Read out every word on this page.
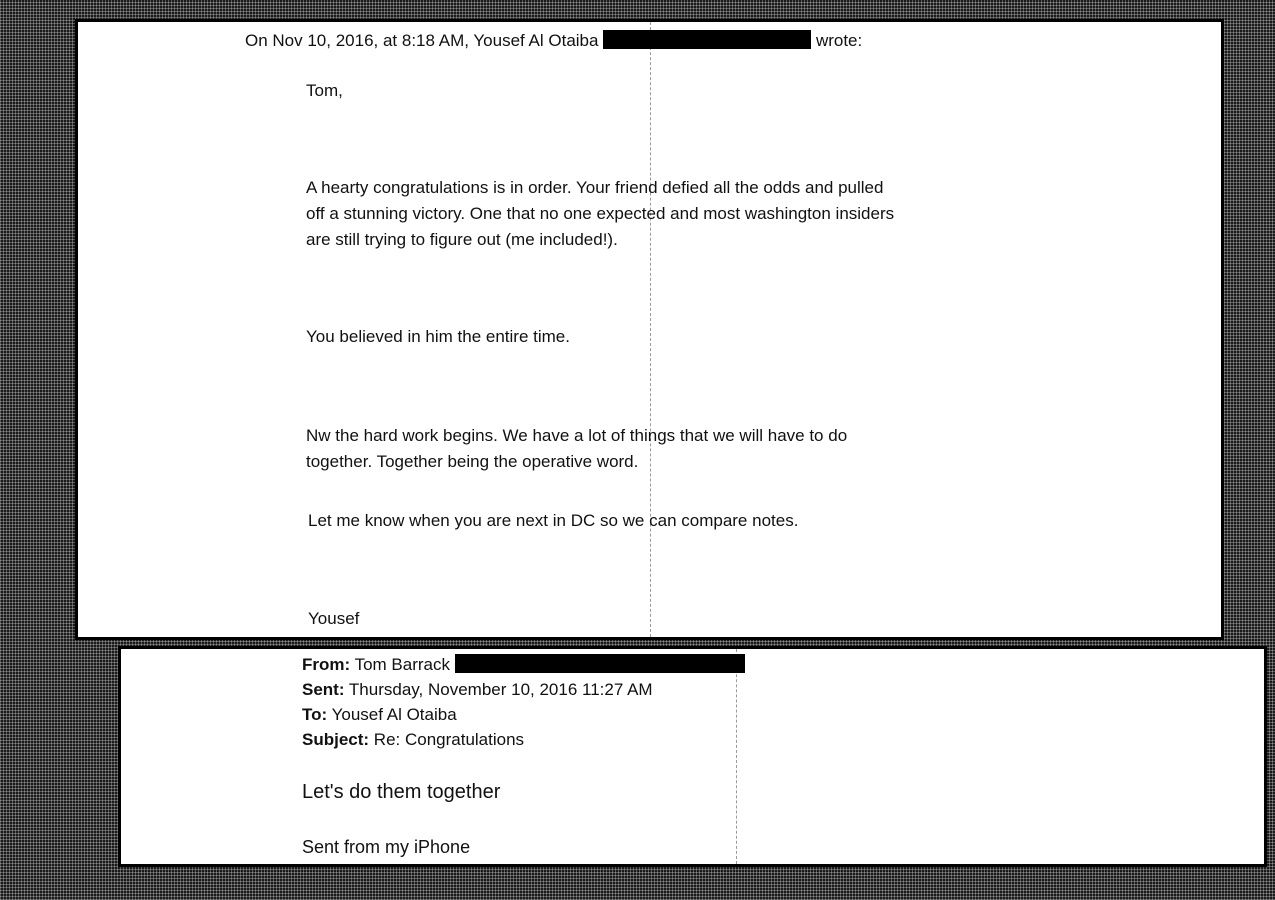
On Nov 10, 2016, at 8:18 AM, Yousef Al Otaiba	wrote:
Tom,
A hearty congratulations is in order. Your friend defied all the odds and pulled
off a stunning victory. One that no one expected and most washington insiders
are still trying to figure out (me included!).
You believed in him the entire time.
Nw the hard work begins. We have a lot of things that we will have to do
together. Together being the operative word.
Let me know when you are next in DC so we can compare notes.
Yousef
From: Tom Barrack
Sent: Thursday, November 10, 2016 11:27 AM
To: Yousef Al Otaiba
Subject: Re: Congratulations
Let's do them together
Sent from my iPhone
